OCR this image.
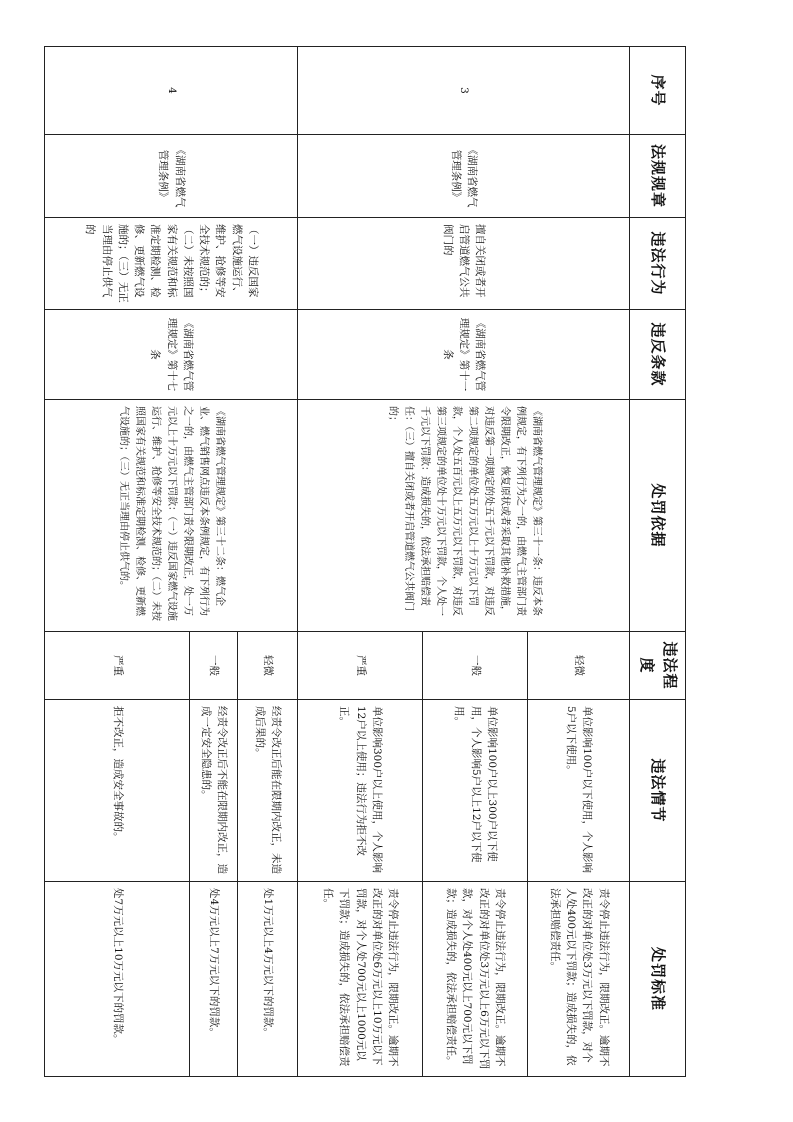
序号	法规规章	违法行为	违反条款	处罚依据	违法程度	违法情节	处罚标准
3	《湖南省燃气管理条例》	擅自关闭或者开启管道燃气公共阀门的	《湖南省燃气管理规定》第十一条	《湖南省燃气管理规定》第三十一条：违反本条例规定，有下列行为之一的，由燃气主管部门责令限期改正，恢复原状或者采取其他补救措施，对违反第一项规定的处五千元以下罚款，对违反第二项规定的单位处五万元以上十万元以下罚款，个人处五百元以上五万元以下罚款，对违反第三项规定的单位处十万元以下罚款，个人处一千元以下罚款：造成损失的，依法承担赔偿责任：（三）擅自关闭或者开启管道燃气公共阀门的；	轻微	单位影响100户以下使用，个人影响5户以下使用。	责令停止违法行为，限期改正。逾期不改正的对单位处3万元以下罚款，对个人处400元以下罚款；造成损失的，依法承担赔偿责任。
					一般	单位影响100户以上300户以下使用，个人影响5户以上12户以下使用。	责令停止违法行为，限期改正。逾期不改正的对单位处3万元以上6万元以下罚款，对个人处400元以上700元以下罚款；造成损失的，依法承担赔偿责任。
					严重	单位影响300户以上使用，个人影响12户以上使用；违法行为拒不改正。	责令停止违法行为，限期改正。逾期不改正的对单位处6万元以上10万元以下罚款，对个人处700元以上1000元以下罚款；造成损失的，依法承担赔偿责任。
4	《湖南省燃气管理条例》	（一）违反国家燃气设施运行、维护、抢修等安全技术规范的；（二）未按照国家有关规范和标准定期检测、检修、更新燃气设施的；（三）无正当理由停止供气的	《湖南省燃气管理规定》第十七条	《湖南省燃气管理规定》第三十二条：燃气企业、燃气销售网点违反本条例规定，有下列行为之一的，由燃气主管部门责令限期改正，处一万元以上十万元以下罚款：（一）违反国家燃气设施运行、维护、抢修等安全技术规范的；（二）未按照国家有关规范和标准定期检测、检修、更新燃气设施的；（三）无正当理由停止供气的。	轻微	经责令改正后能在限期内改正，未造成后果的。	处1万元以上4万元以下的罚款。
					一般	经责令改正后不能在限期内改正，造成一定安全隐患的。	处4万元以上7万元以下的罚款。
					严重	拒不改正，造成安全事故的。	处7万元以上10万元以下的罚款。
